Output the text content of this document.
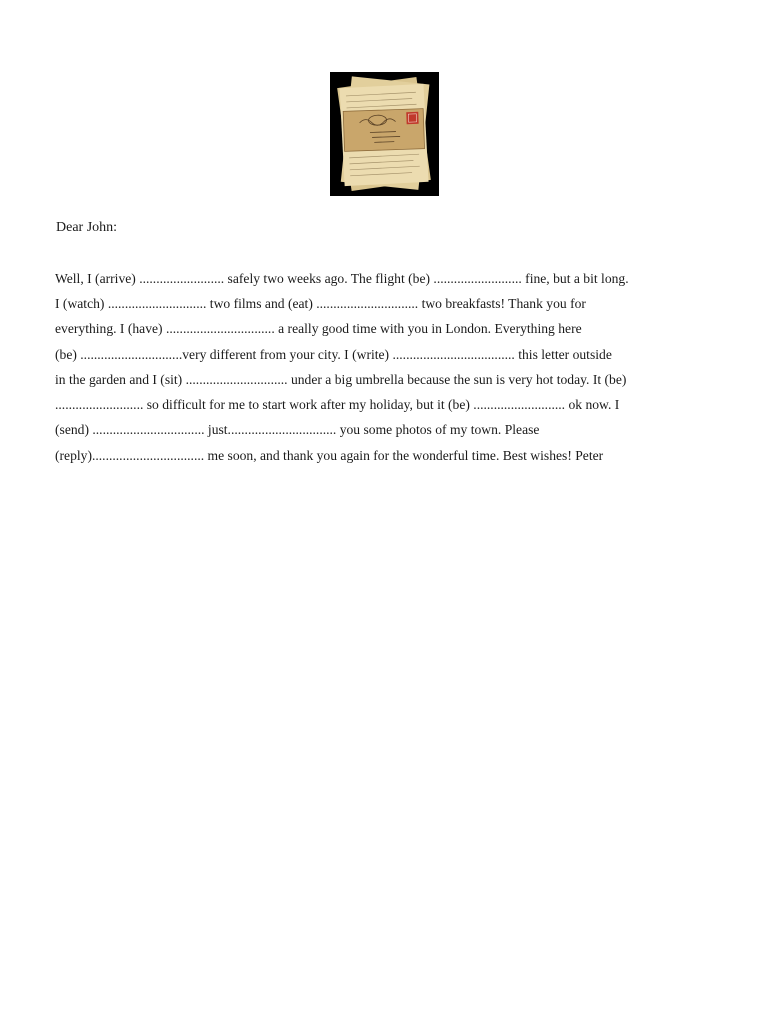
Dear John:

Well, I (arrive) ......................... safely two weeks ago. The flight (be) .......................... fine, but a bit long.

I (watch) ............................. two films and (eat) .............................. two breakfasts! Thank you for

everything. I (have) ................................ a really good time with you in London. Everything here

(be) ..............................very different from your city. I (write) .................................... this letter outside

in the garden and I (sit) .............................. under a big umbrella because the sun is very hot today. It (be)

.......................... so difficult for me to start work after my holiday, but it (be) ........................... ok now. I

(send) ................................. just................................ you some photos of my town. Please

(reply)................................. me soon, and thank you again for the wonderful time. Best wishes! Peter
